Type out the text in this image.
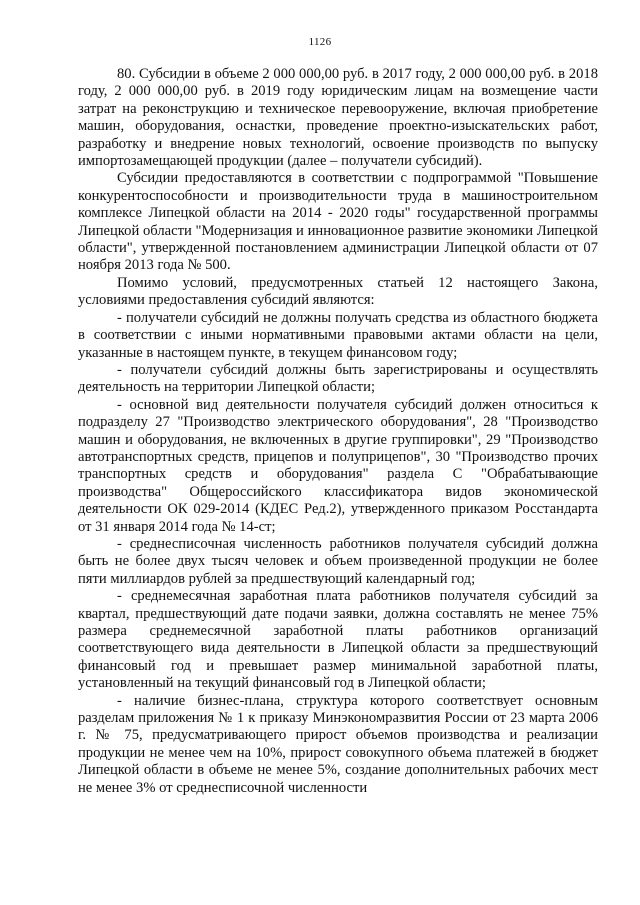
1126

80. Субсидии в объеме 2 000 000,00 руб. в 2017 году, 2 000 000,00 руб. в 2018 году, 2 000 000,00 руб. в 2019 году юридическим лицам на возмещение части затрат на реконструкцию и техническое перевооружение, включая приобретение машин, оборудования, оснастки, проведение проектно-изыскательских работ, разработку и внедрение новых технологий, освоение производств по выпуску импортозамещающей продукции (далее – получатели субсидий).

Субсидии предоставляются в соответствии с подпрограммой "Повышение конкурентоспособности и производительности труда в машиностроительном комплексе Липецкой области на 2014 - 2020 годы" государственной программы Липецкой области "Модернизация и инновационное развитие экономики Липецкой области", утвержденной постановлением администрации Липецкой области от 07 ноября 2013 года № 500.

Помимо условий, предусмотренных статьей 12 настоящего Закона, условиями предоставления субсидий являются:

- получатели субсидий не должны получать средства из областного бюджета в соответствии с иными нормативными правовыми актами области на цели, указанные в настоящем пункте, в текущем финансовом году;

- получатели субсидий должны быть зарегистрированы и осуществлять деятельность на территории Липецкой области;

- основной вид деятельности получателя субсидий должен относиться к подразделу 27 "Производство электрического оборудования", 28 "Производство машин и оборудования, не включенных в другие группировки", 29 "Производство автотранспортных средств, прицепов и полуприцепов", 30 "Производство прочих транспортных средств и оборудования" раздела С "Обрабатывающие производства" Общероссийского классификатора видов экономической деятельности ОК 029-2014 (КДЕС Ред.2), утвержденного приказом Росстандарта от 31 января 2014 года № 14-ст;

- среднесписочная численность работников получателя субсидий должна быть не более двух тысяч человек и объем произведенной продукции не более пяти миллиардов рублей за предшествующий календарный год;

- среднемесячная заработная плата работников получателя субсидий за квартал, предшествующий дате подачи заявки, должна составлять не менее 75% размера среднемесячной заработной платы работников организаций соответствующего вида деятельности в Липецкой области за предшествующий финансовый год и превышает размер минимальной заработной платы, установленный на текущий финансовый год в Липецкой области;

- наличие бизнес-плана, структура которого соответствует основным разделам приложения № 1 к приказу Минэкономразвития России от 23 марта 2006 г. № 75, предусматривающего прирост объемов производства и реализации продукции не менее чем на 10%, прирост совокупного объема платежей в бюджет Липецкой области в объеме не менее 5%, создание дополнительных рабочих мест не менее 3% от среднесписочной численности
